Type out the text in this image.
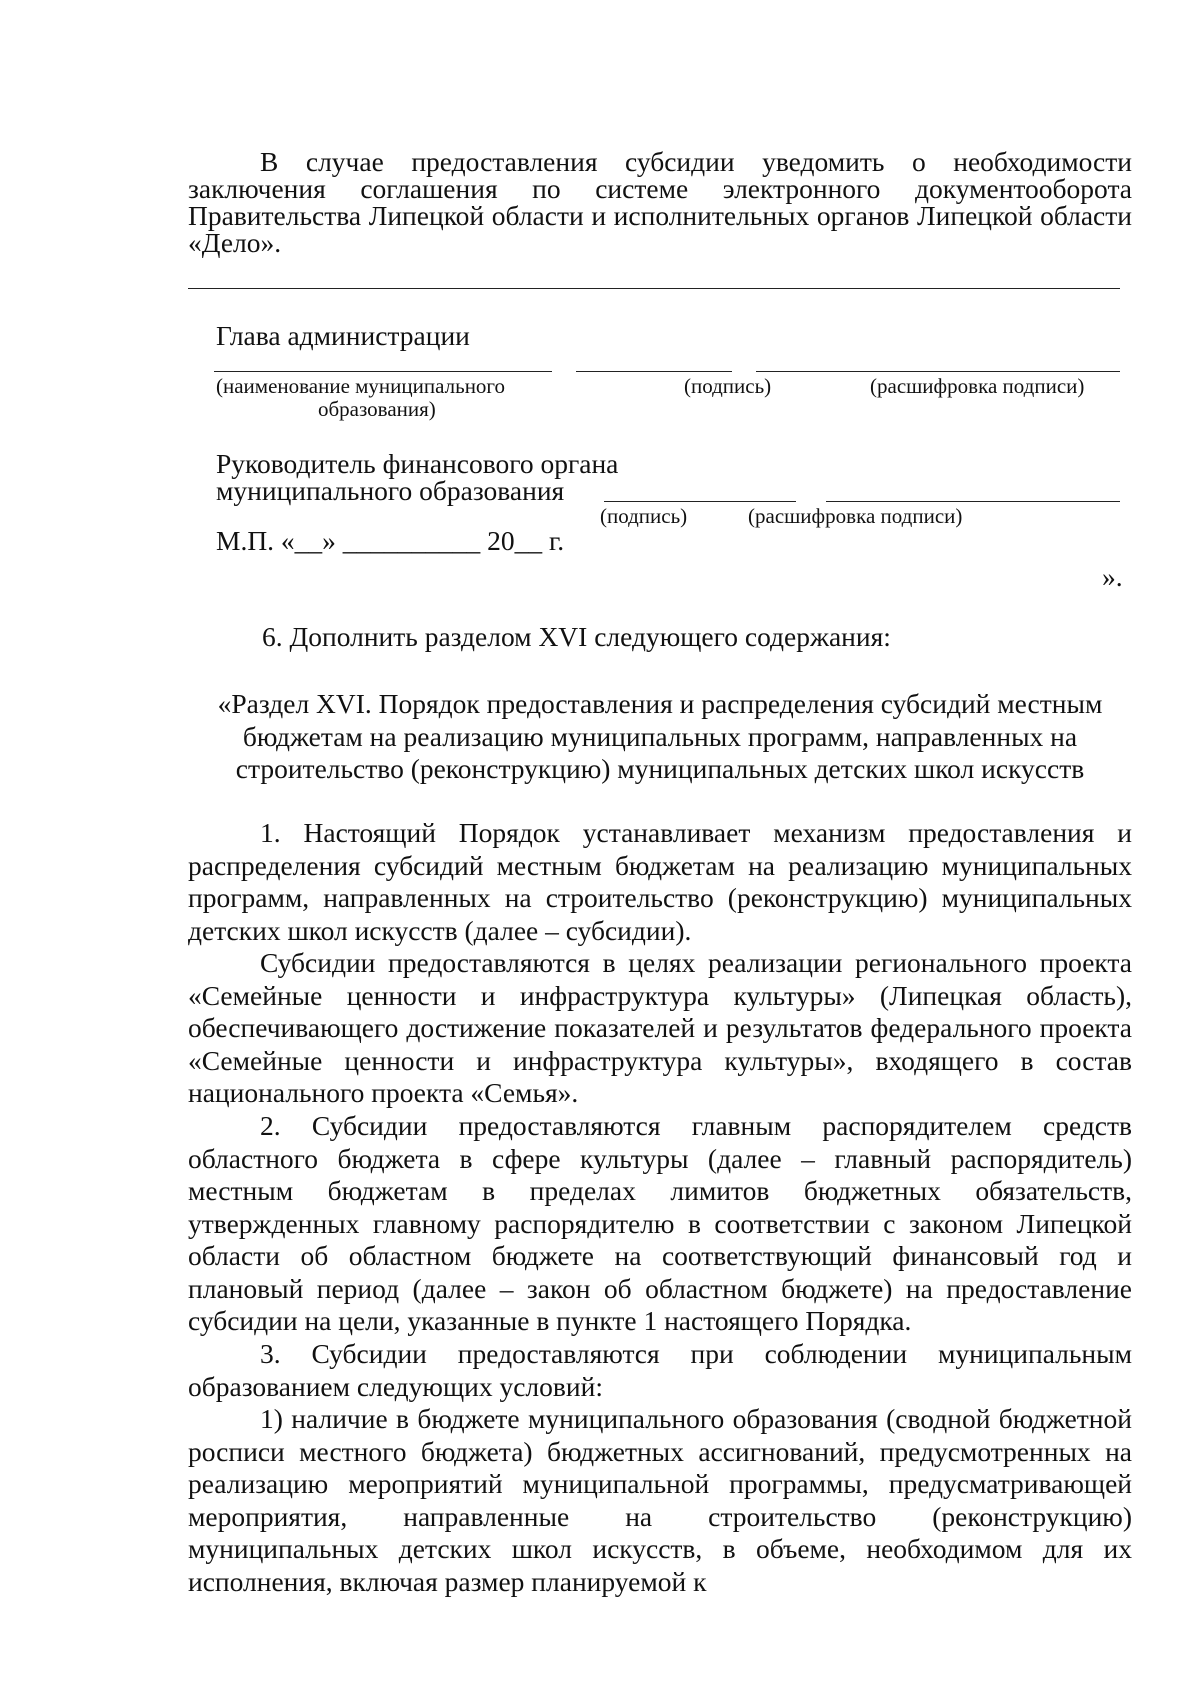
В случае предоставления субсидии уведомить о необходимости заключения соглашения по системе электронного документооборота Правительства Липецкой области и исполнительных органов Липецкой области «Дело».

Глава администрации

(наименование муниципального

образования)

(подпись)	(расшифровка подписи)

Руководитель финансового органа

муниципального образования

(подпись)	(расшифровка подписи)

М.П. «__» __________ 20__ г.

».

6. Дополнить разделом XVI следующего содержания:

«Раздел XVI. Порядок предоставления и распределения субсидий местным бюджетам на реализацию муниципальных программ, направленных на строительство (реконструкцию) муниципальных детских школ искусств

1. Настоящий Порядок устанавливает механизм предоставления и распределения субсидий местным бюджетам на реализацию муниципальных программ, направленных на строительство (реконструкцию) муниципальных детских школ искусств (далее – субсидии).

Субсидии предоставляются в целях реализации регионального проекта «Семейные ценности и инфраструктура культуры» (Липецкая область), обеспечивающего достижение показателей и результатов федерального проекта «Семейные ценности и инфраструктура культуры», входящего в состав национального проекта «Семья».

2. Субсидии предоставляются главным распорядителем средств областного бюджета в сфере культуры (далее – главный распорядитель) местным бюджетам в пределах лимитов бюджетных обязательств, утвержденных главному распорядителю в соответствии с законом Липецкой области об областном бюджете на соответствующий финансовый год и плановый период (далее – закон об областном бюджете) на предоставление субсидии на цели, указанные в пункте 1 настоящего Порядка.

3. Субсидии предоставляются при соблюдении муниципальным образованием следующих условий:

1) наличие в бюджете муниципального образования (сводной бюджетной росписи местного бюджета) бюджетных ассигнований, предусмотренных на реализацию мероприятий муниципальной программы, предусматривающей мероприятия, направленные на строительство (реконструкцию) муниципальных детских школ искусств, в объеме, необходимом для их исполнения, включая размер планируемой к
